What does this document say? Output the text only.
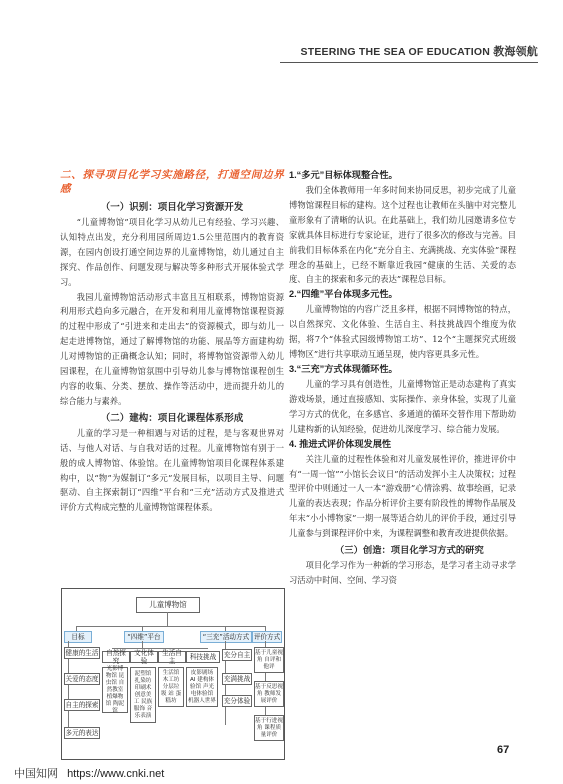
STEERING THE SEA OF EDUCATION 教海领航
二、探寻项目化学习实施路径，打通空间边界感
（一）识别：项目化学习资源开发

“儿童博物馆”项目化学习从幼儿已有经验、学习兴趣、认知特点出发，充分利用园所周边1.5公里范围内的教育资源，在园内创设打通空间边界的儿童博物馆，幼儿通过自主探究、作品创作、问题发现与解决等多种形式开展体验式学习。

我园儿童博物馆活动形式丰富且互相联系，博物馆资源利用形式趋向多元融合，在开发和利用儿童博物馆课程资源的过程中形成了“引进来和走出去”的资源模式，即与幼儿一起走进博物馆，通过了解博物馆的功能、展品等方面建构幼儿对博物馆的正确概念认知；同时，将博物馆资源带入幼儿园课程，在儿童博物馆氛围中引导幼儿参与博物馆课程创生内容的收集、分类、摆放、操作等活动中，进而提升幼儿的综合能力与素养。

（二）建构：项目化课程体系形成

儿童的学习是一种相遇与对话的过程，是与客观世界对话、与他人对话、与自我对话的过程。儿童博物馆有别于一般的成人博物馆、体验馆。在儿童博物馆项目化课程体系建构中，以“物”为媒制订“多元”发展目标，以项目主导、问题驱动、自主探索制订“四维”平台和“三充”活动方式及推进式评价方式构成完整的儿童博物馆课程体系。

儿童博物馆
目标	“四维”平台	“三充”活动方式 评价方式
健康的生活
关爱的态度
自主的探索
多元的表达
自然探究
文化体验
生活自主	科技挑战
光影博物馆 昆虫馆 自然教室 植爆物馆 陶泥馆
泥塑馆 扎染坊 印刷术 创意美工 民族服饰 音乐表演
生活馆 木工坊 分层垃圾 站 蛋糕坊
皮影剧场 AI 建构体验馆 声光电体验馆 机器人世界
充分自主
充满挑战
充分体验
基于儿童视角 自评和他评
基于反思视角 教师发展评价
基于行进视角 课程质量评价

1.“多元”目标体现整合性。

我们全体教师用一年多时间来协同反思，初步完成了儿童博物馆课程目标的建构。这个过程也让教师在头脑中对完整儿童形象有了清晰的认识。在此基础上，我们幼儿园邀请多位专家就具体目标进行专家论证，进行了很多次的修改与完善。目前我们目标体系在内化“充分自主、充满挑战、充实体验”课程理念的基础上，已经不断靠近我园“健康的生活、关爱的态度、自主的探索和多元的表达”课程总目标。

2.“四维”平台体现多元性。

儿童博物馆的内容广泛且多样，根据不同博物馆的特点，以自然探究、文化体验、生活自主、科技挑战四个维度为依据，将7个“体验式园级博物馆工坊”、12个“主题探究式班级博物区”进行共享联动互通呈现，使内容更具多元性。

3.“三充”方式体现循环性。

儿童的学习具有创造性，儿童博物馆正是动态建构了真实游戏场景，通过直接感知、实际操作、亲身体验，实现了儿童学习方式的优化，在多感官、多通道的循环交替作用下帮助幼儿建构新的认知经验，促进幼儿深度学习、综合能力发展。

4. 推进式评价体现发展性

关注儿童的过程性体验和对儿童发展性评价，推进评价中有“一周一馆”“小馆长会议日”的活动发挥小主人决策权；过程型评价中则通过一人一本“游戏册”心情涂鸦、故事绘画，记录儿童的表达表现；作品分析评价主要有阶段性的博物作品展及年末“小小博物家”一期一展等适合幼儿的评价手段，通过引导儿童参与到课程评价中来，为课程调整和教育改进提供依据。

（三）创造：项目化学习方式的研究

项目化学习作为一种新的学习形态，是学习者主动寻求学习活动中时间、空间、学习资

67
中国知网 https://www.cnki.net
